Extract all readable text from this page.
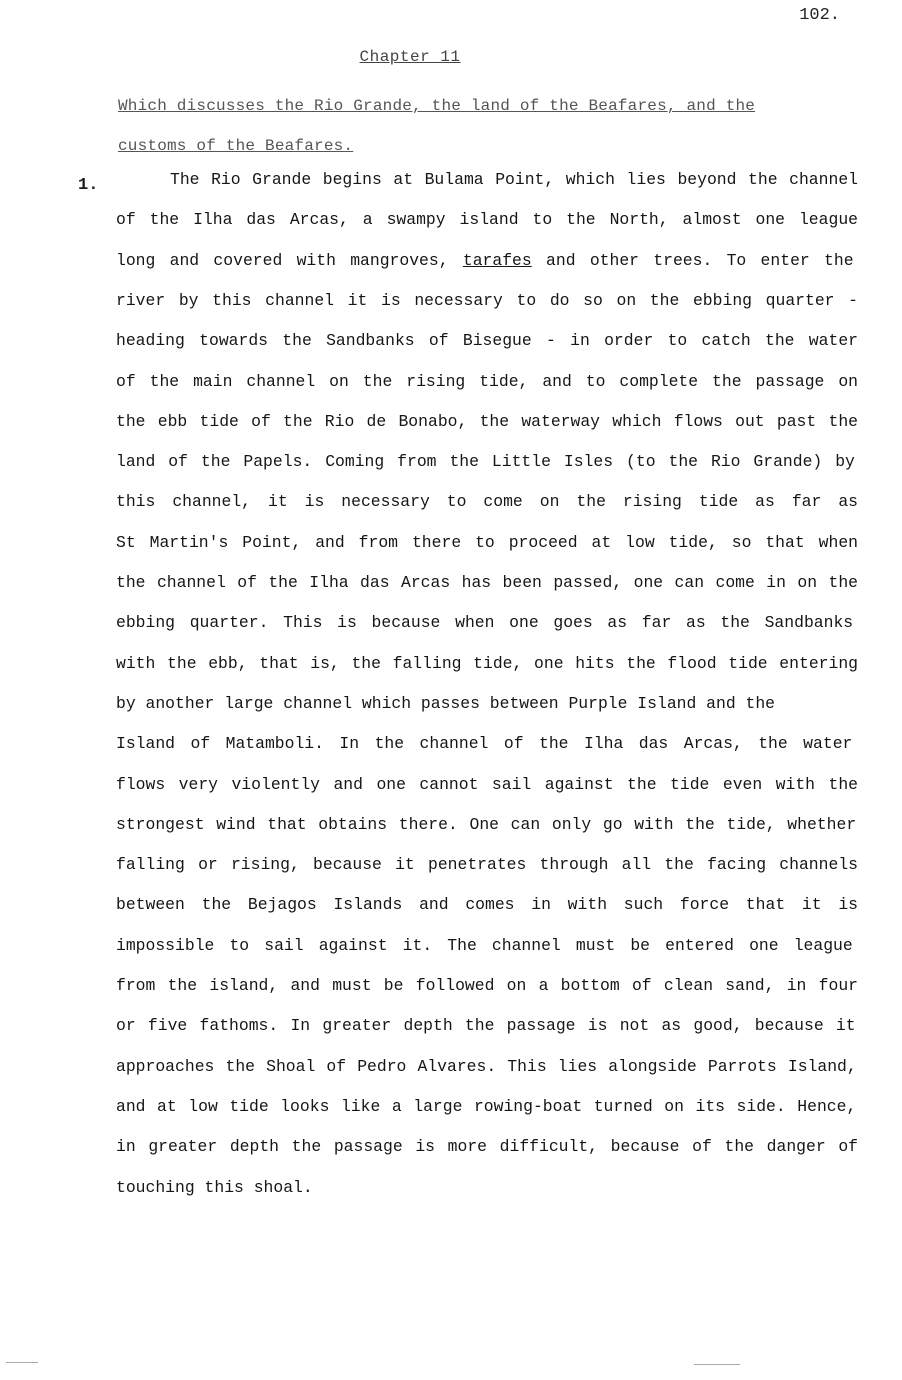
102.
Chapter 11
Which discusses the Rio Grande, the land of the Beafares, and the customs of the Beafares.
1.	The Rio Grande begins at Bulama Point, which lies beyond the channel
of the Ilha das Arcas, a swampy island to the North, almost one league
long and covered with mangroves, tarafes and other trees. To enter the
river by this channel it is necessary to do so on the ebbing quarter -
heading towards the Sandbanks of Bisegue - in order to catch the water
of the main channel on the rising tide, and to complete the passage on
the ebb tide of the Rio de Bonabo, the waterway which flows out past the
land of the Papels. Coming from the Little Isles (to the Rio Grande) by
this channel, it is necessary to come on the rising tide as far as
St Martin's Point, and from there to proceed at low tide, so that when
the channel of the Ilha das Arcas has been passed, one can come in on the
ebbing quarter. This is because when one goes as far as the Sandbanks
with the ebb, that is, the falling tide, one hits the flood tide entering
by another large channel which passes between Purple Island and the
Island of Matamboli. In the channel of the Ilha das Arcas, the water
flows very violently and one cannot sail against the tide even with the
strongest wind that obtains there. One can only go with the tide, whether
falling or rising, because it penetrates through all the facing channels
between the Bejagos Islands and comes in with such force that it is
impossible to sail against it. The channel must be entered one league
from the island, and must be followed on a bottom of clean sand, in four
or five fathoms. In greater depth the passage is not as good, because it
approaches the Shoal of Pedro Alvares. This lies alongside Parrots Island,
and at low tide looks like a large rowing-boat turned on its side. Hence,
in greater depth the passage is more difficult, because of the danger of
touching this shoal.
